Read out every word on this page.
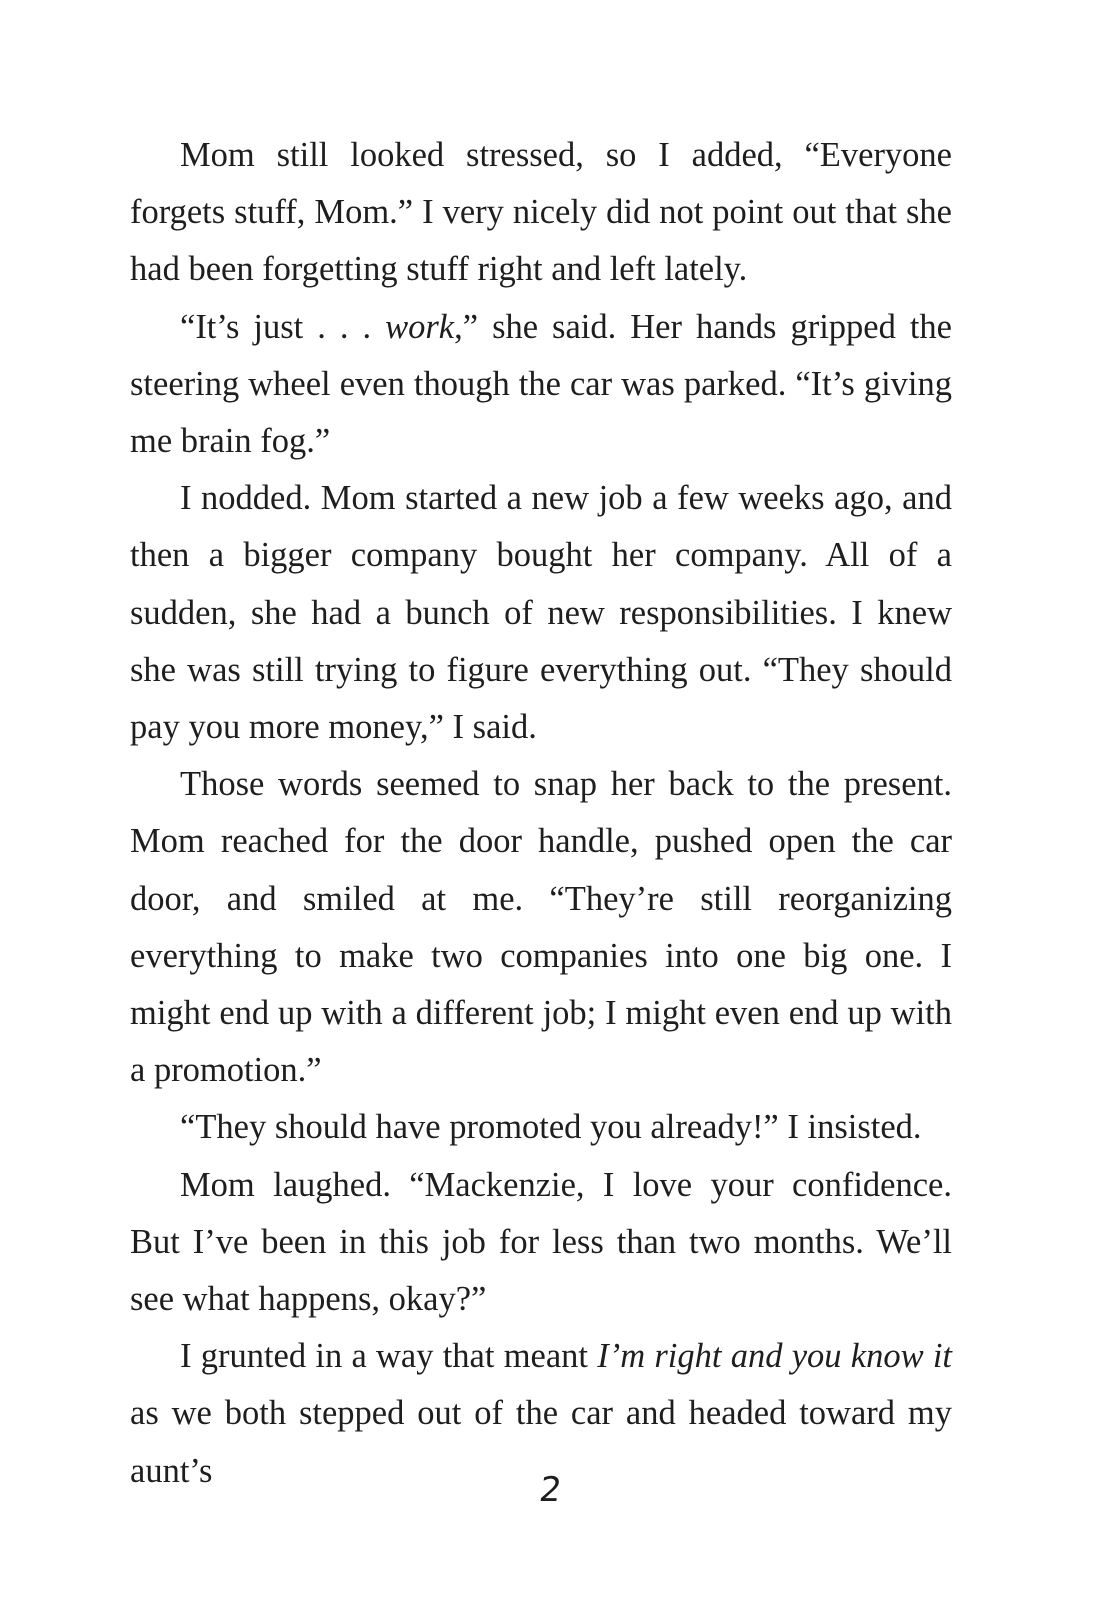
Mom still looked stressed, so I added, “Everyone forgets stuff, Mom.” I very nicely did not point out that she had been forgetting stuff right and left lately.

“It’s just . . . work,” she said. Her hands gripped the steering wheel even though the car was parked. “It’s giving me brain fog.”

I nodded. Mom started a new job a few weeks ago, and then a bigger company bought her company. All of a sudden, she had a bunch of new responsibilities. I knew she was still trying to figure everything out. “They should pay you more money,” I said.

Those words seemed to snap her back to the present. Mom reached for the door handle, pushed open the car door, and smiled at me. “They’re still reorganizing everything to make two companies into one big one. I might end up with a different job; I might even end up with a promotion.”

“They should have promoted you already!” I insisted.

Mom laughed. “Mackenzie, I love your confidence. But I’ve been in this job for less than two months. We’ll see what happens, okay?”

I grunted in a way that meant I’m right and you know it as we both stepped out of the car and headed toward my aunt’s	2
